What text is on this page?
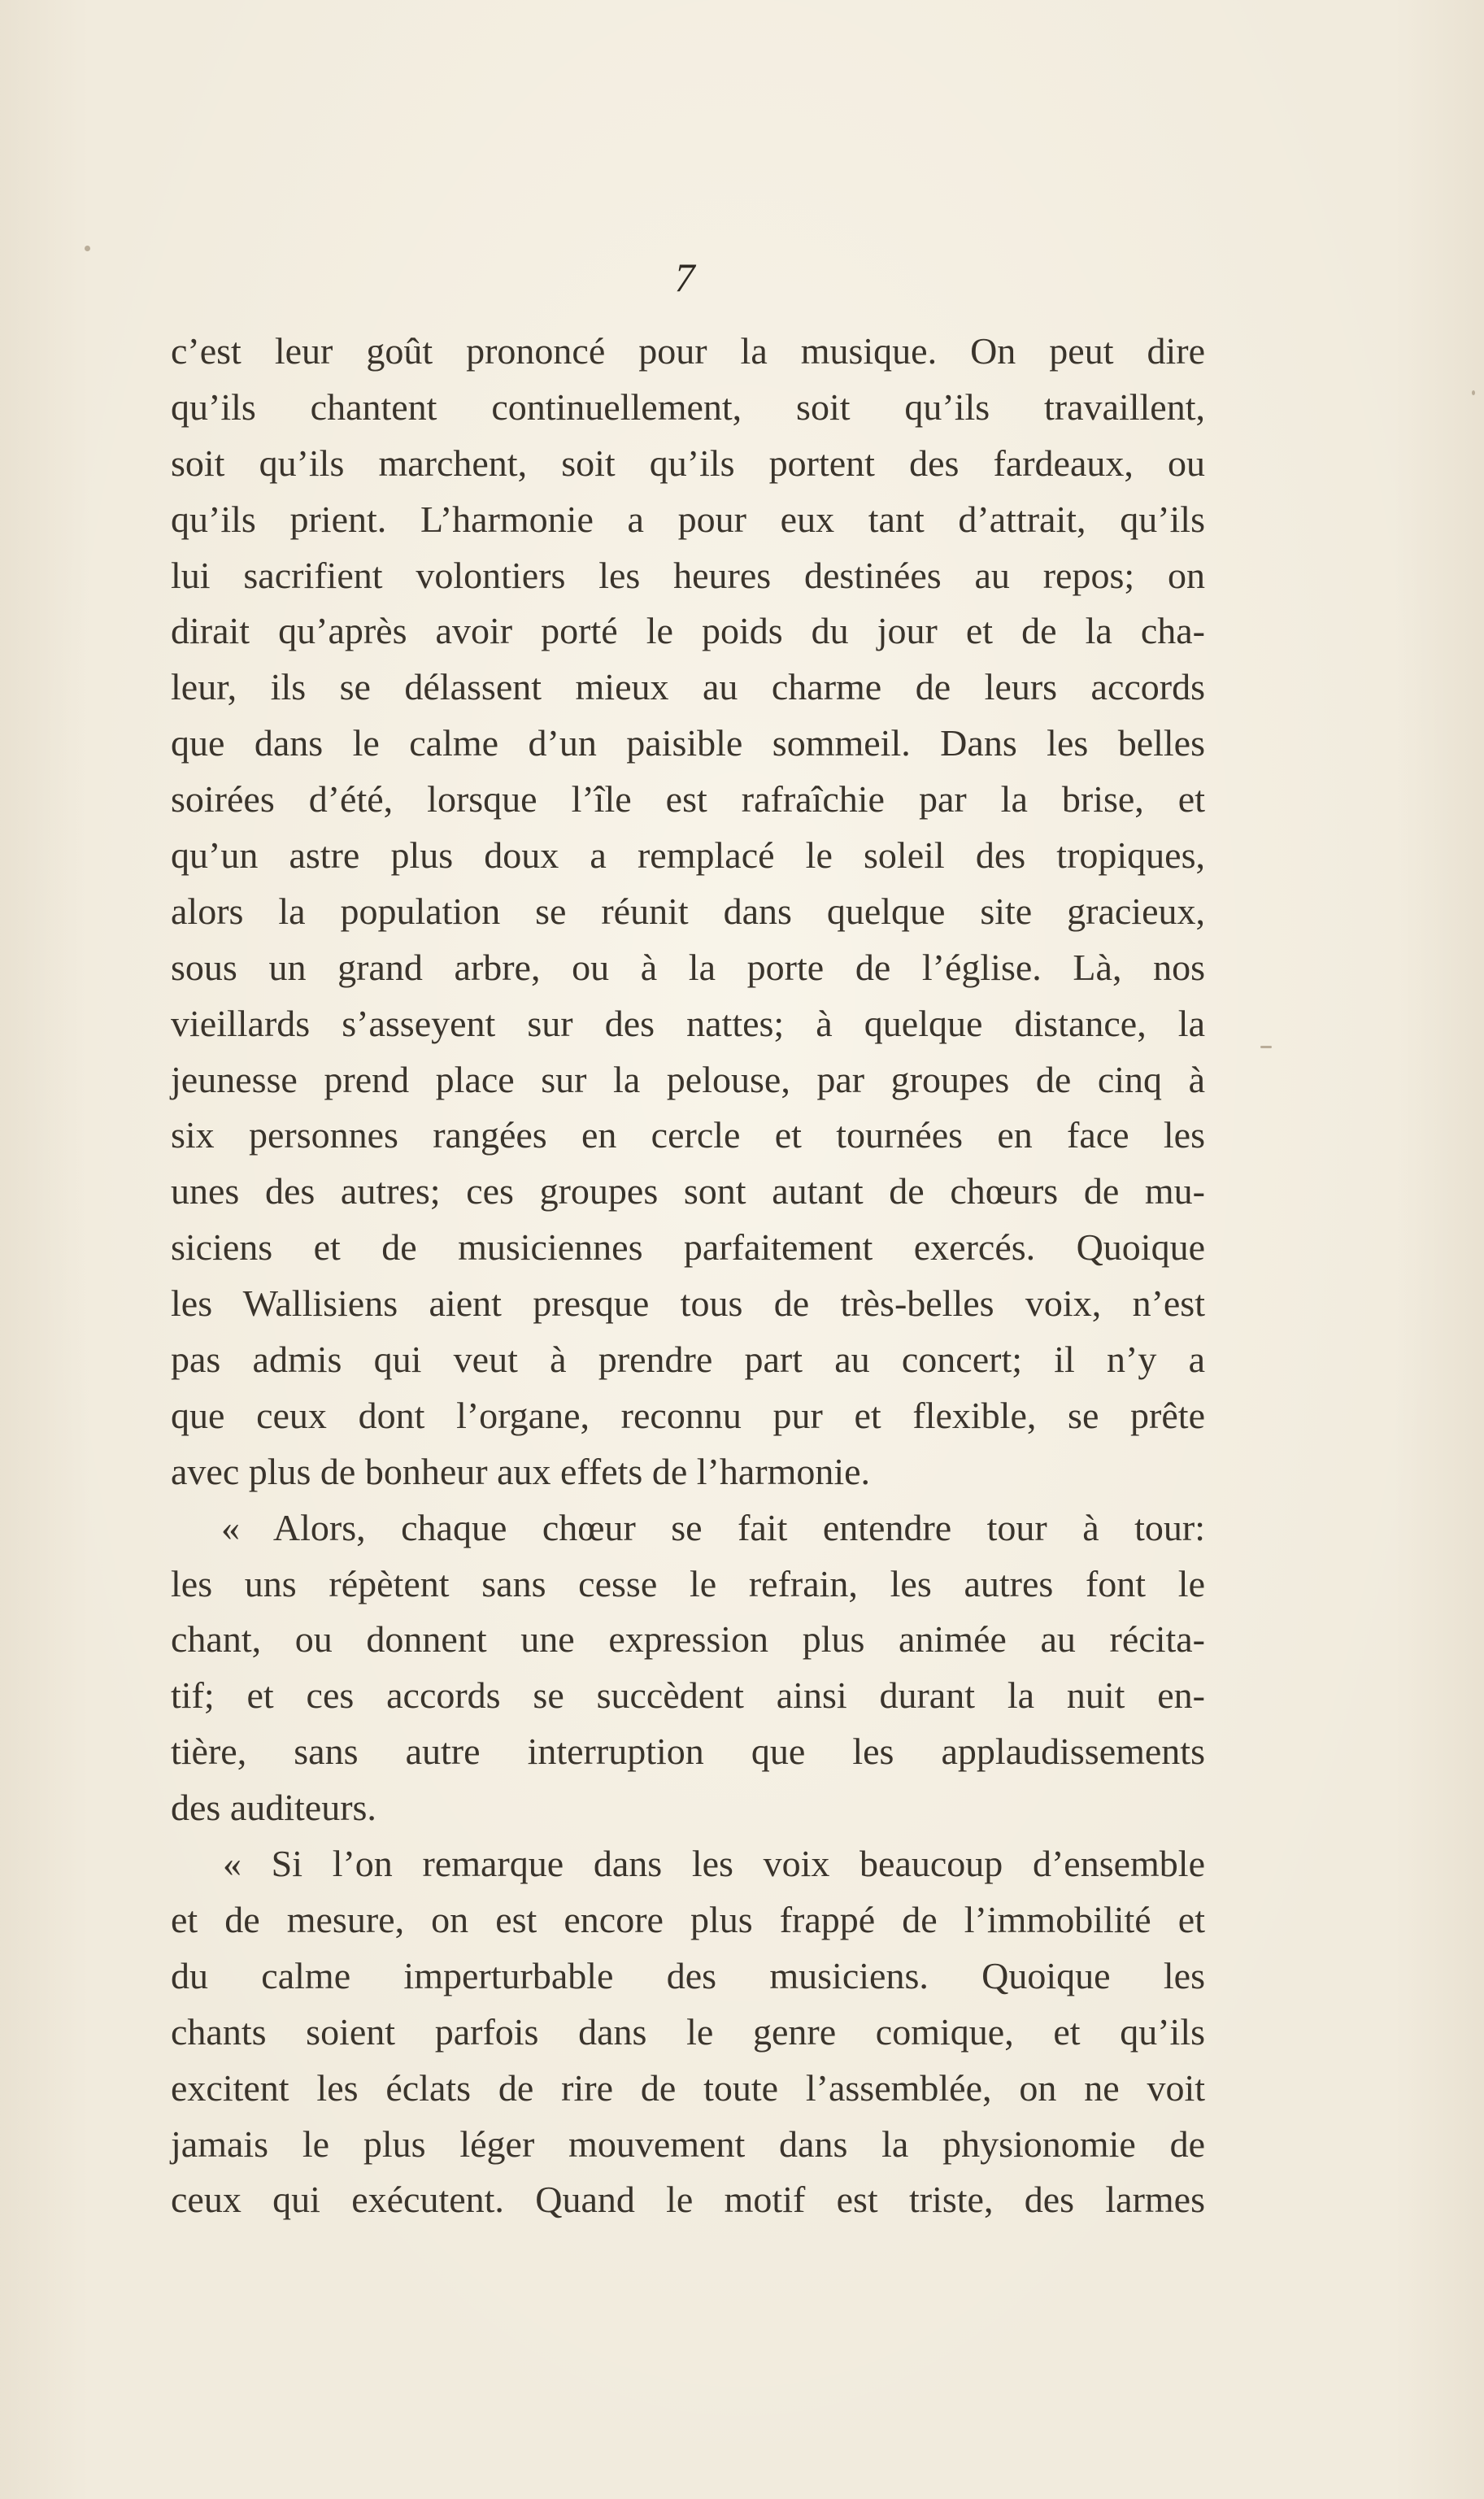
7
c’est leur goût prononcé pour la musique. On peut dire
qu’ils chantent continuellement, soit qu’ils travaillent,
soit qu’ils marchent, soit qu’ils portent des fardeaux, ou
qu’ils prient. L’harmonie a pour eux tant d’attrait, qu’ils
lui sacrifient volontiers les heures destinées au repos; on
dirait qu’après avoir porté le poids du jour et de la cha-
leur, ils se délassent mieux au charme de leurs accords
que dans le calme d’un paisible sommeil. Dans les belles
soirées d’été, lorsque l’île est rafraîchie par la brise, et
qu’un astre plus doux a remplacé le soleil des tropiques,
alors la population se réunit dans quelque site gracieux,
sous un grand arbre, ou à la porte de l’église. Là, nos
vieillards s’asseyent sur des nattes; à quelque distance, la
jeunesse prend place sur la pelouse, par groupes de cinq à
six personnes rangées en cercle et tournées en face les
unes des autres; ces groupes sont autant de chœurs de mu-
siciens et de musiciennes parfaitement exercés. Quoique
les Wallisiens aient presque tous de très-belles voix, n’est
pas admis qui veut à prendre part au concert; il n’y a
que ceux dont l’organe, reconnu pur et flexible, se prête
avec plus de bonheur aux effets de l’harmonie.
« Alors, chaque chœur se fait entendre tour à tour:
les uns répètent sans cesse le refrain, les autres font le
chant, ou donnent une expression plus animée au récita-
tif; et ces accords se succèdent ainsi durant la nuit en-
tière, sans autre interruption que les applaudissements
des auditeurs.
« Si l’on remarque dans les voix beaucoup d’ensemble
et de mesure, on est encore plus frappé de l’immobilité et
du calme imperturbable des musiciens. Quoique les
chants soient parfois dans le genre comique, et qu’ils
excitent les éclats de rire de toute l’assemblée, on ne voit
jamais le plus léger mouvement dans la physionomie de
ceux qui exécutent. Quand le motif est triste, des larmes
